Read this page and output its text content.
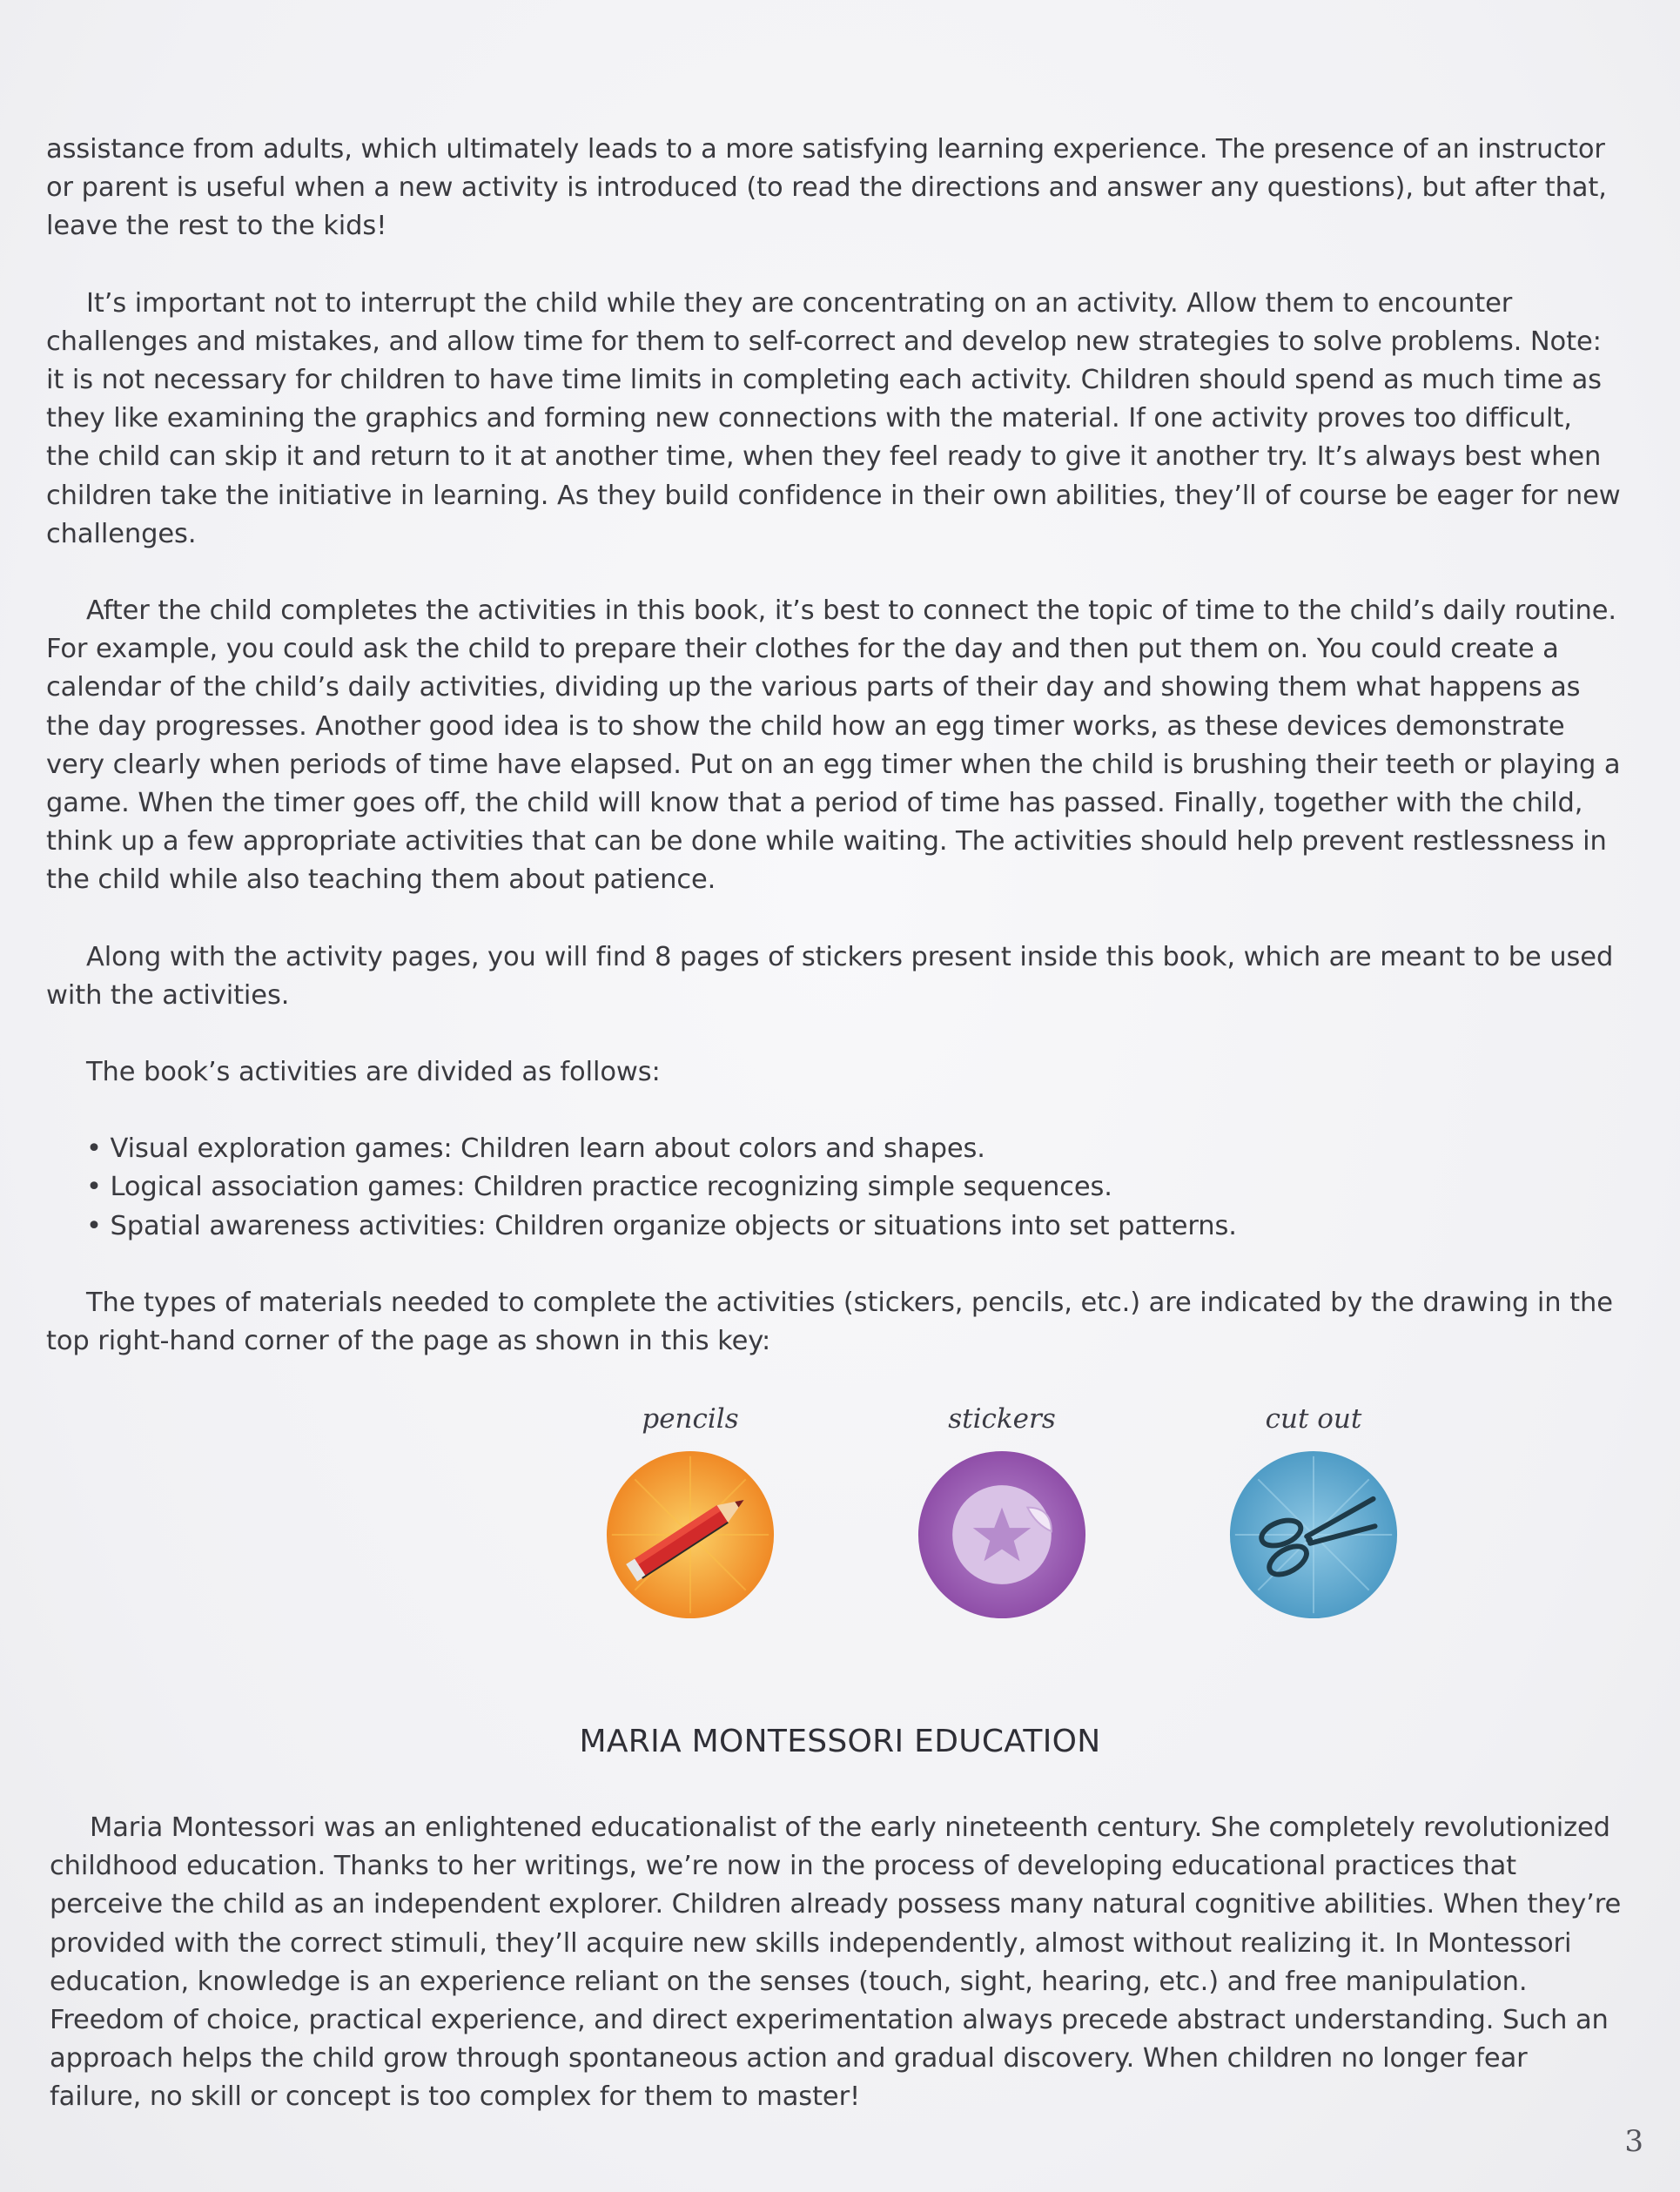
assistance from adults, which ultimately leads to a more satisfying learning experience. The presence of an instructor or parent is useful when a new activity is introduced (to read the directions and answer any questions), but after that, leave the rest to the kids!

It’s important not to interrupt the child while they are concentrating on an activity. Allow them to encounter challenges and mistakes, and allow time for them to self-correct and develop new strategies to solve problems. Note: it is not necessary for children to have time limits in completing each activity. Children should spend as much time as they like examining the graphics and forming new connections with the material. If one activity proves too difficult, the child can skip it and return to it at another time, when they feel ready to give it another try. It’s always best when children take the initiative in learning. As they build confidence in their own abilities, they’ll of course be eager for new challenges.

After the child completes the activities in this book, it’s best to connect the topic of time to the child’s daily routine. For example, you could ask the child to prepare their clothes for the day and then put them on. You could create a calendar of the child’s daily activities, dividing up the various parts of their day and showing them what happens as the day progresses. Another good idea is to show the child how an egg timer works, as these devices demonstrate very clearly when periods of time have elapsed. Put on an egg timer when the child is brushing their teeth or playing a game. When the timer goes off, the child will know that a period of time has passed. Finally, together with the child, think up a few appropriate activities that can be done while waiting. The activities should help prevent restlessness in the child while also teaching them about patience.

Along with the activity pages, you will find 8 pages of stickers present inside this book, which are meant to be used with the activities.

The book’s activities are divided as follows:

• Visual exploration games: Children learn about colors and shapes.
• Logical association games: Children practice recognizing simple sequences.
• Spatial awareness activities: Children organize objects or situations into set patterns.

The types of materials needed to complete the activities (stickers, pencils, etc.) are indicated by the drawing in the top right-hand corner of the page as shown in this key:

pencils	stickers	cut out
MARIA MONTESSORI EDUCATION

Maria Montessori was an enlightened educationalist of the early nineteenth century. She completely revolutionized childhood education. Thanks to her writings, we’re now in the process of developing educational practices that perceive the child as an independent explorer. Children already possess many natural cognitive abilities. When they’re provided with the correct stimuli, they’ll acquire new skills independently, almost without realizing it. In Montessori education, knowledge is an experience reliant on the senses (touch, sight, hearing, etc.) and free manipulation. Freedom of choice, practical experience, and direct experimentation always precede abstract understanding. Such an approach helps the child grow through spontaneous action and gradual discovery. When children no longer fear failure, no skill or concept is too complex for them to master!

3
